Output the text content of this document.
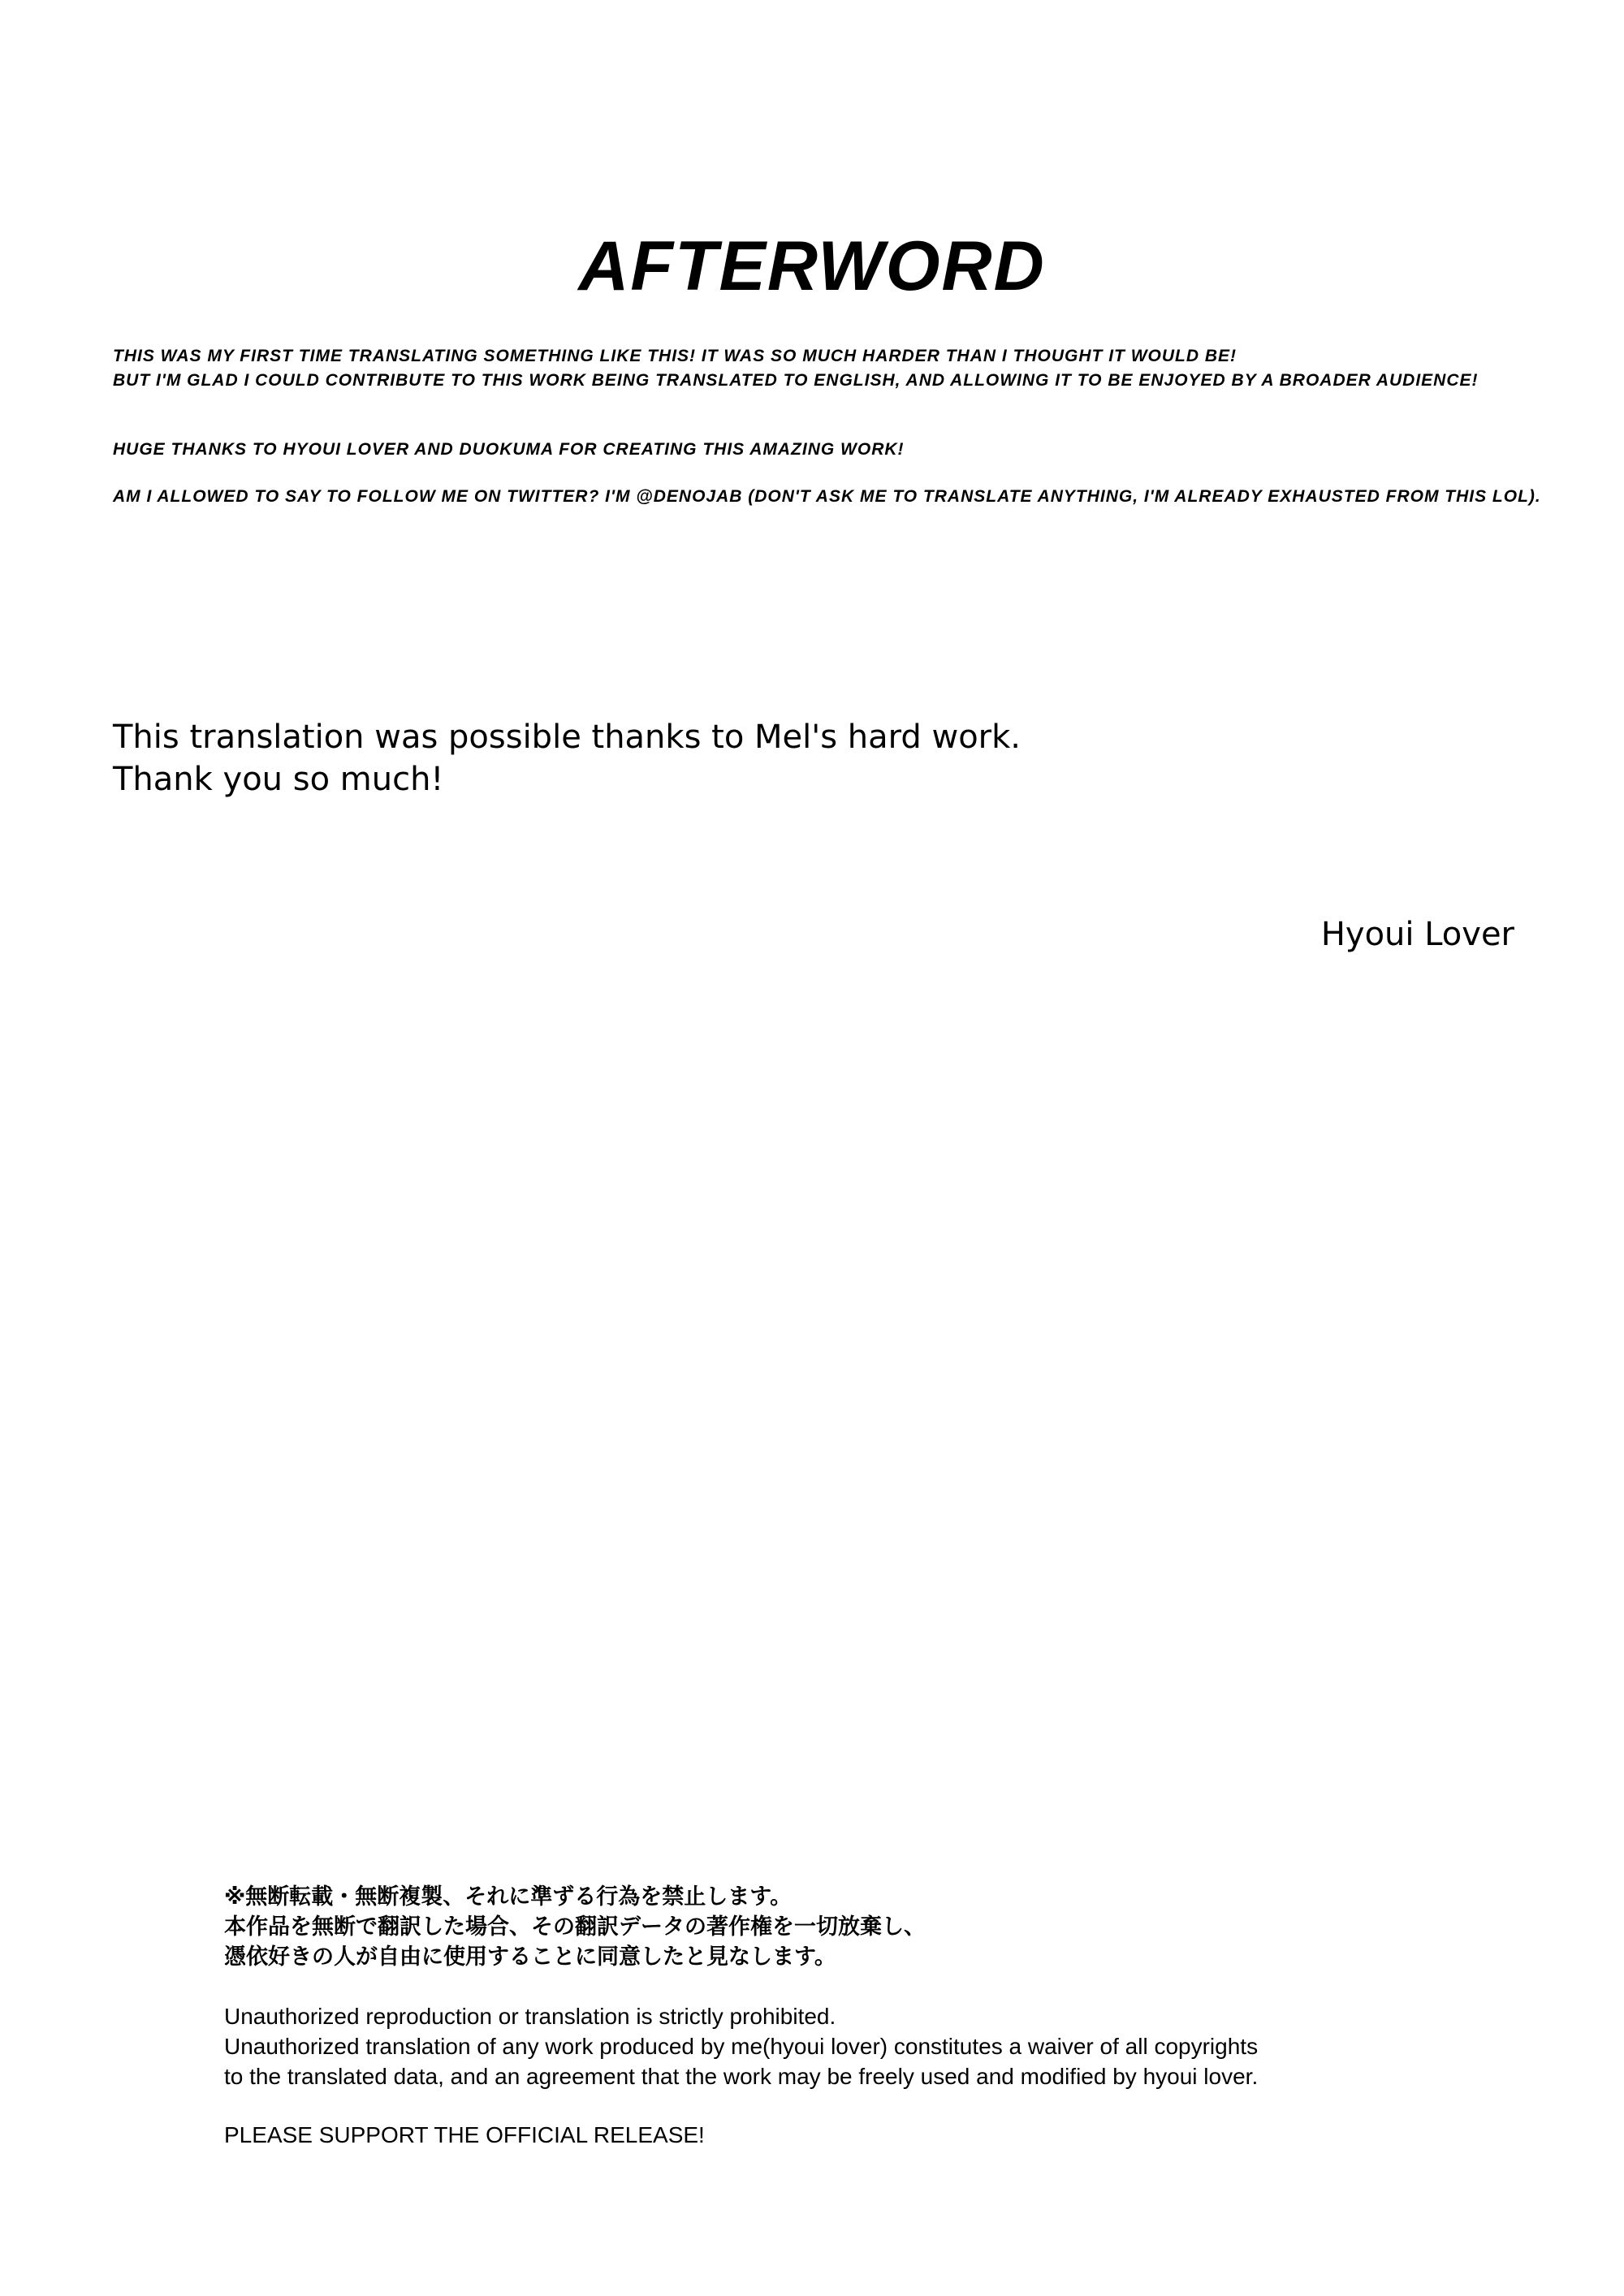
AFTERWORD
THIS WAS MY FIRST TIME TRANSLATING SOMETHING LIKE THIS! IT WAS SO MUCH HARDER THAN I THOUGHT IT WOULD BE!
BUT I'M GLAD I COULD CONTRIBUTE TO THIS WORK BEING TRANSLATED TO ENGLISH, AND ALLOWING IT TO BE ENJOYED BY A BROADER AUDIENCE!
HUGE THANKS TO HYOUI LOVER AND DUOKUMA FOR CREATING THIS AMAZING WORK!
AM I ALLOWED TO SAY TO FOLLOW ME ON TWITTER? I'M @DENOJAB (DON'T ASK ME TO TRANSLATE ANYTHING, I'M ALREADY EXHAUSTED FROM THIS LOL).
This translation was possible thanks to Mel's hard work.
Thank you so much!
Hyoui Lover
※無断転載・無断複製、それに準ずる行為を禁止します。
本作品を無断で翻訳した場合、その翻訳データの著作権を一切放棄し、
憑依好きの人が自由に使用することに同意したと見なします。
Unauthorized reproduction or translation is strictly prohibited.
Unauthorized translation of any work produced by me(hyoui lover) constitutes a waiver of all copyrights
to the translated data, and an agreement that the work may be freely used and modified by hyoui lover.
PLEASE SUPPORT THE OFFICIAL RELEASE!
